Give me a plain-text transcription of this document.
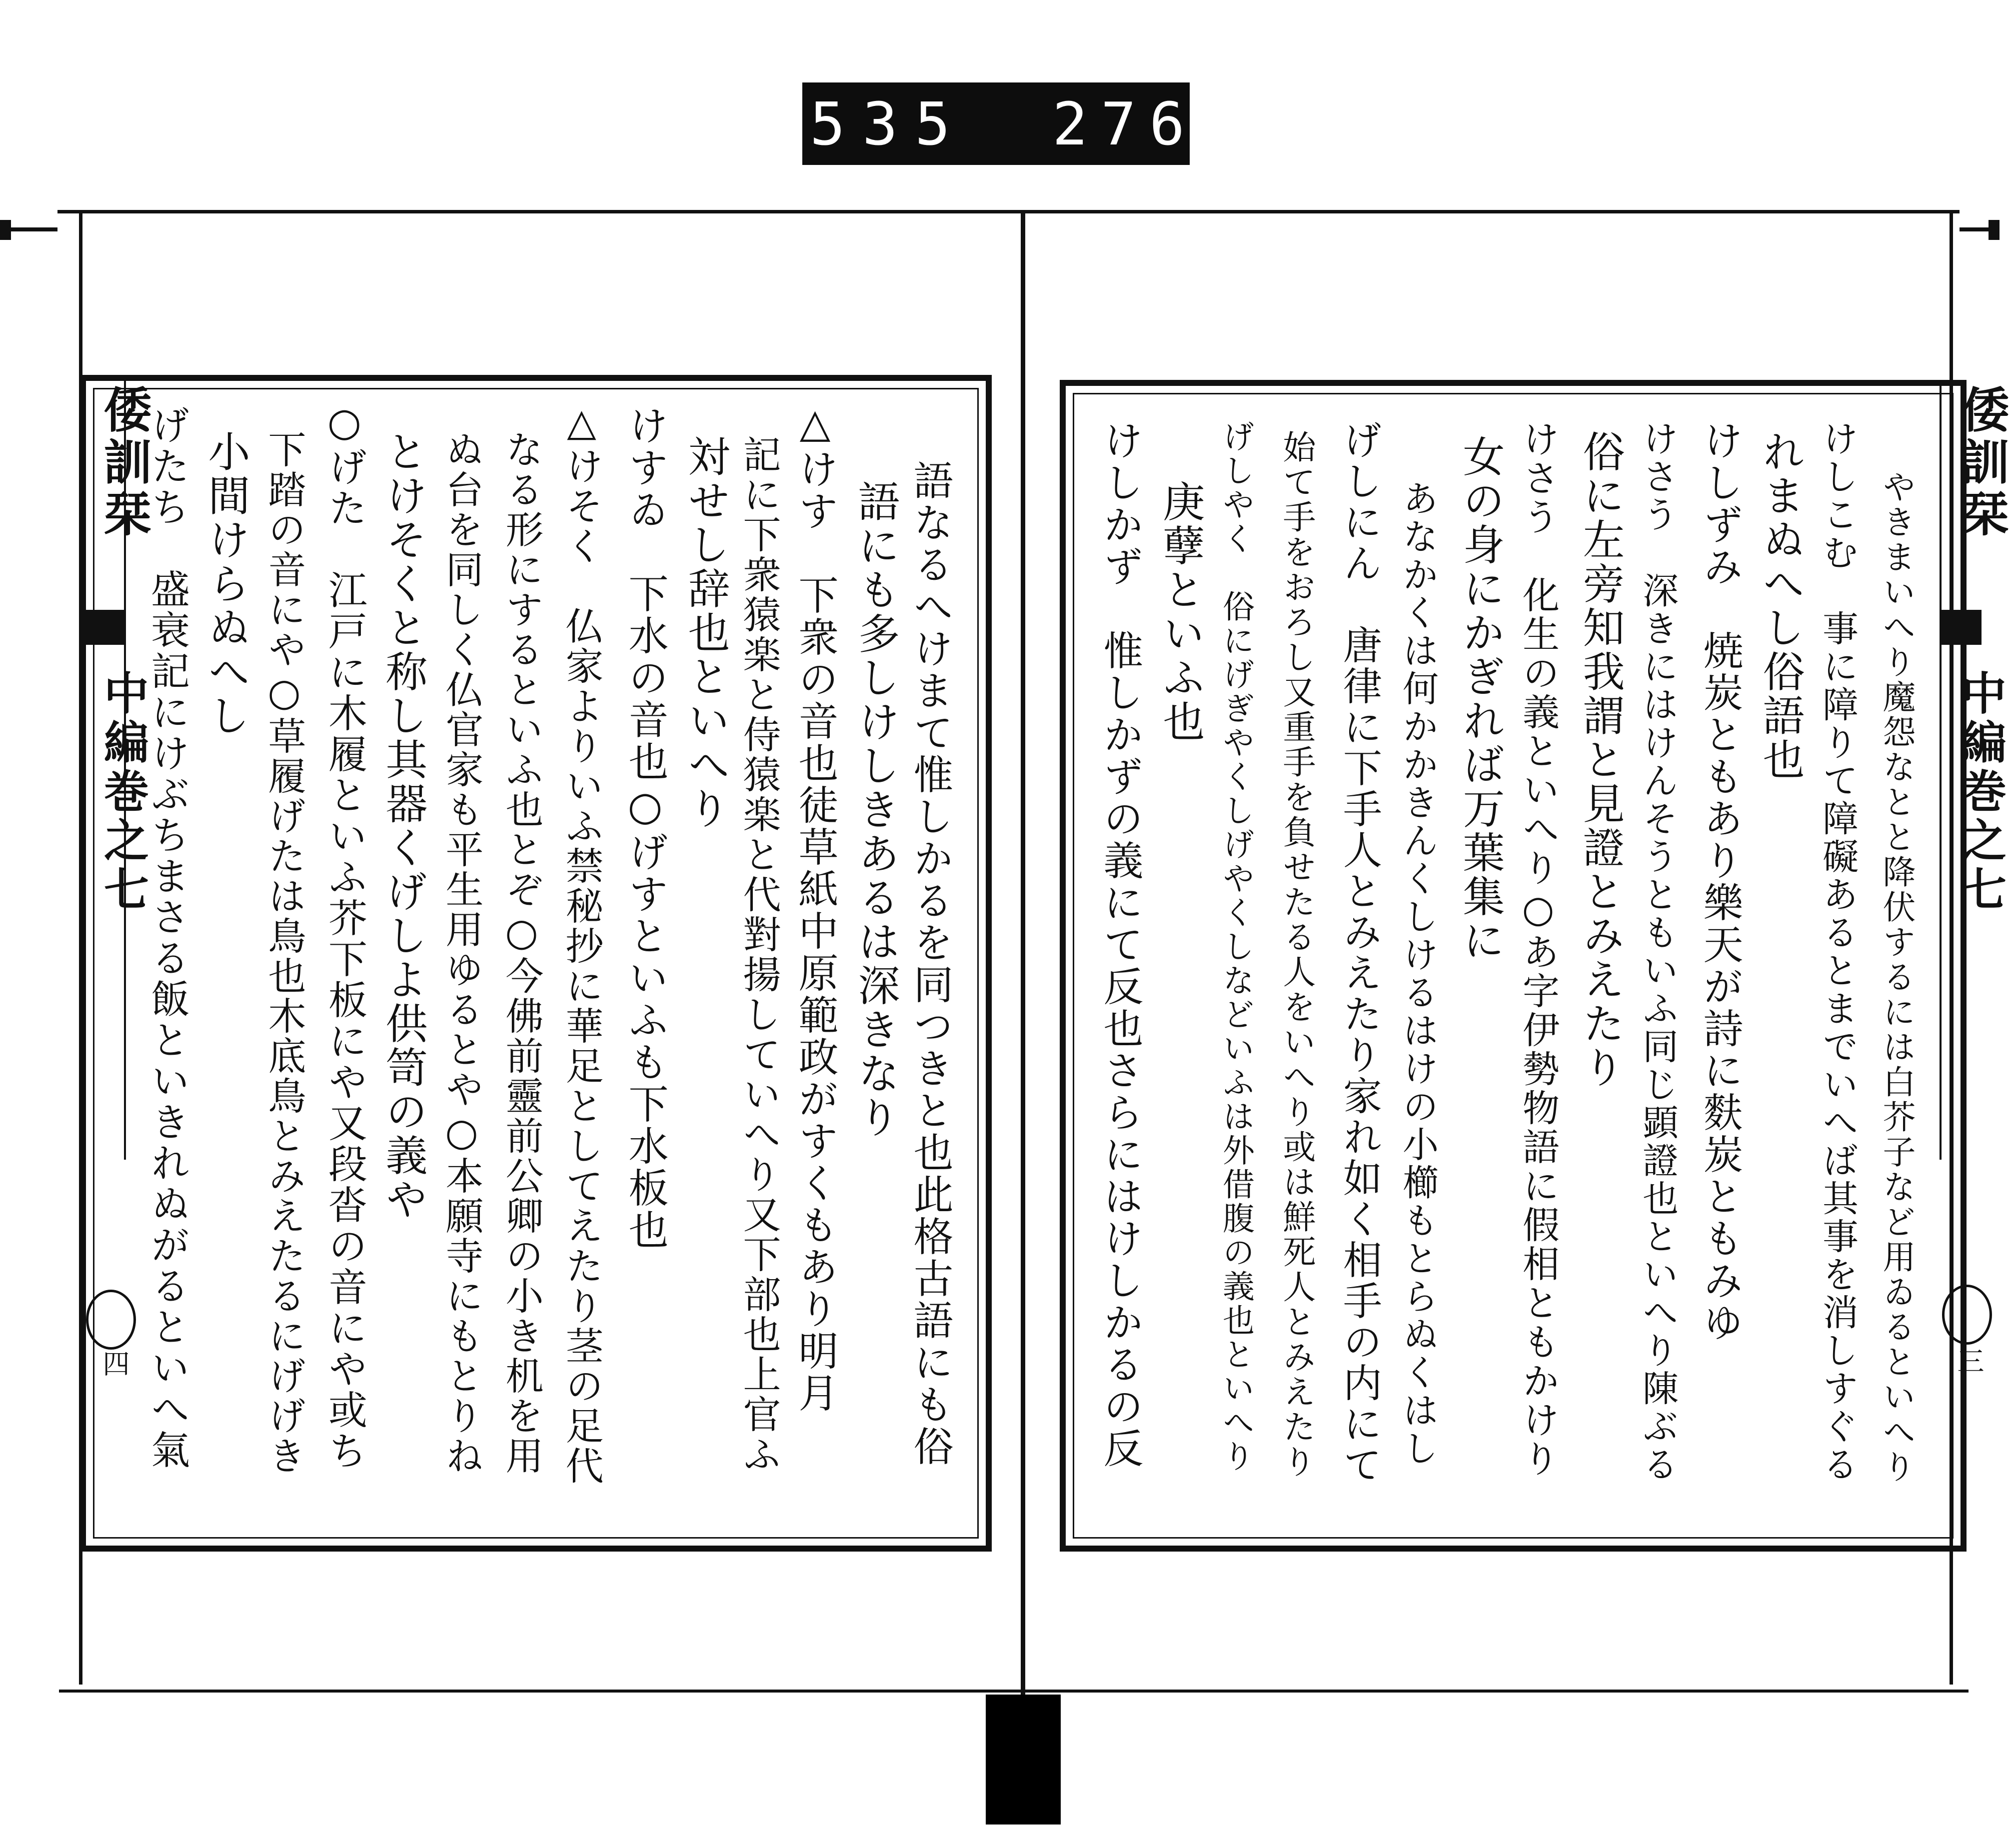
535 276.
倭訓栞
中編巻之七
四
倭訓栞
中編巻之七
三
語なるへけまて惟しかるを同つきと也此格古語にも俗
語にも多しけしきあるは深きなり
△けす　下衆の音也徒草紙中原範政がすくもあり明月
記に下衆猿楽と侍猿楽と代對揚していへり又下部也上官ふ
対せし辞也といへり
けすゐ　下水の音也○げすといふも下水板也
△けそく　仏家よりいふ禁秘抄に華足としてえたり茎の足代
なる形にするといふ也とぞ○今佛前靈前公卿の小き机を用
ぬ台を同しく仏官家も平生用ゆるとや○本願寺にもとりね
とけそくと称し其器くげしよ供笥の義や
○げた　江戸に木履といふ芥下板にや又段沓の音にや或ち
下踏の音にや○草履げたは鳥也木底鳥とみえたるにげげき
小間けらぬへし
げたち　盛衰記にけぶちまさる飯といきれぬがるといへ氣	やきまいへり魔怨なとと降伏するには白芥子など用ゐるといへり
けしこむ　事に障りて障礙あるとまでいへば其事を消しすぐる
れまぬへし俗語也
けしずみ　焼炭ともあり樂天が詩に麩炭ともみゆ
けさう　深きにはけんそうともいふ同じ顕證也といへり陳ぶる
俗に左旁知我謂と見證とみえたり
けさう　化生の義といへり○あ字伊勢物語に假相ともかけり
女の身にかぎれば万葉集に
あなかくは何かかきんくしけるはけの小櫛もとらぬくはし
げしにん　唐律に下手人とみえたり家れ如く相手の内にて
始て手をおろし又重手を負せたる人をいへり或は鮮死人とみえたり
げしやく　俗にげぎやくしげやくしなどいふは外借腹の義也といへり
庚孽といふ也
けしかず　惟しかずの義にて反也さらにはけしかるの反
